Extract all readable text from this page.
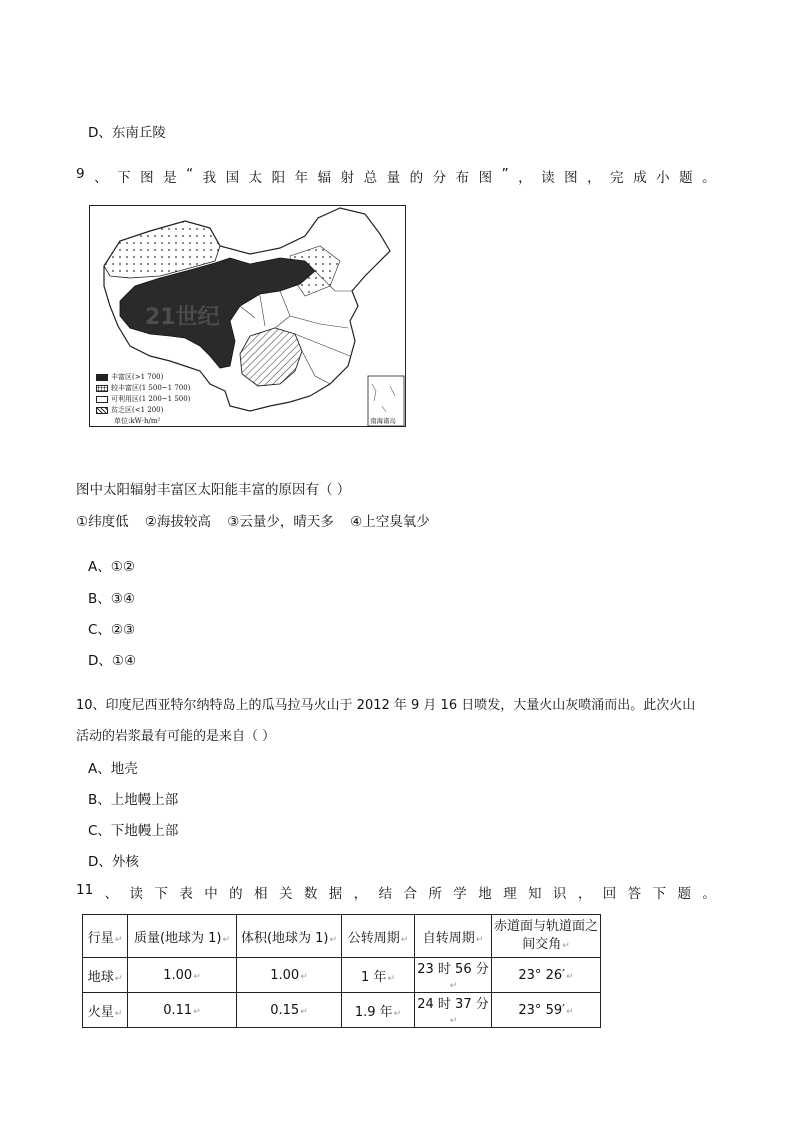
D、东南丘陵
9 、 下 图 是 “ 我 国 太 阳 年 辐 射 总 量 的 分 布 图 ” ， 读 图 ， 完 成 小 题 。
21世纪
南海诸岛
丰富区(>1 700)
较丰富区(1 500~1 700)
可利用区(1 200~1 500)
贫乏区(<1 200)
单位:kW·h/m²
图中太阳辐射丰富区太阳能丰富的原因有（ ）
①纬度低 ②海拔较高 ③云量少，晴天多 ④上空臭氧少
A、①②
B、③④
C、②③
D、①④
10、印度尼西亚特尔纳特岛上的瓜马拉马火山于 2012 年 9 月 16 日喷发，大量火山灰喷涌而出。此次火山
活动的岩浆最有可能的是来自（ ）
A、地壳
B、上地幔上部
C、下地幔上部
D、外核
11 、 读 下 表 中 的 相 关 数 据 ， 结 合 所 学 地 理 知 识 ， 回 答 下 题 。
行星↵	质量(地球为 1)↵	体积(地球为 1)↵	公转周期↵	自转周期↵	赤道面与轨道面之间交角↵
地球↵	1.00↵	1.00↵	1 年↵	23 时 56 分↵	23° 26′↵
火星↵	0.11↵	0.15↵	1.9 年↵	24 时 37 分↵	23° 59′↵
